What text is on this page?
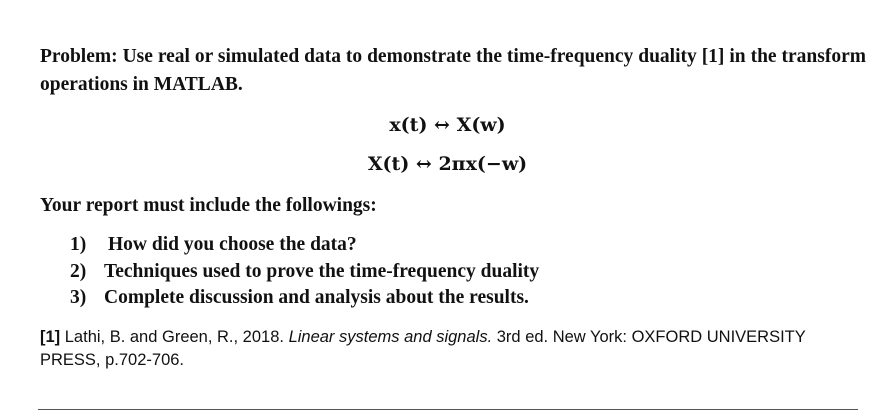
Problem: Use real or simulated data to demonstrate the time-frequency duality [1] in the transform operations in MATLAB.

x(t) ↔ X(w)
X(t) ↔ 2πx(−w)

Your report must include the followings:

1)	How did you choose the data?
2) Techniques used to prove the time-frequency duality
3) Complete discussion and analysis about the results.

[1] Lathi, B. and Green, R., 2018. Linear systems and signals. 3rd ed. New York: OXFORD UNIVERSITY PRESS, p.702-706.
